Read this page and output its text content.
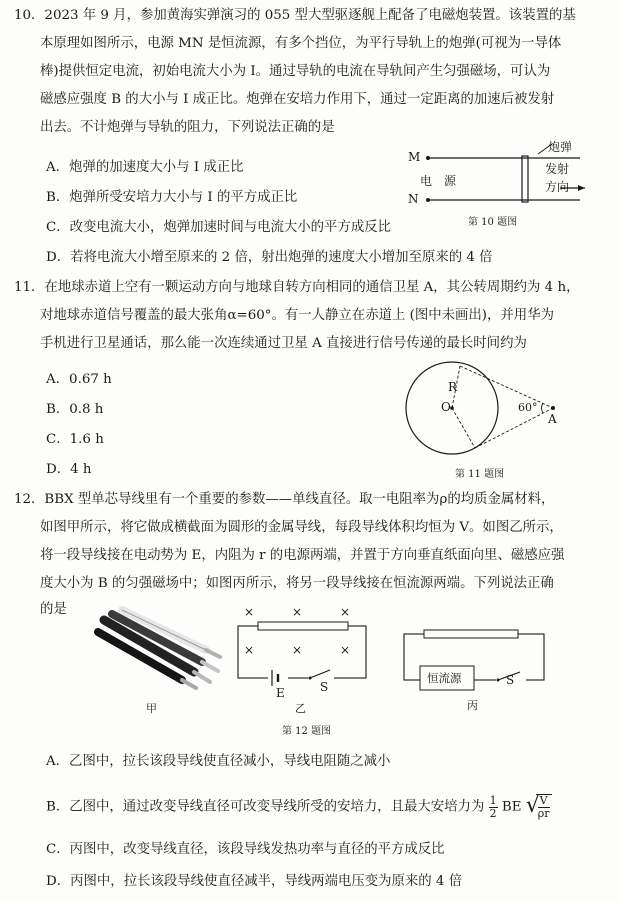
10．2023 年 9 月，参加黄海实弹演习的 055 型大型驱逐舰上配备了电磁炮装置。该装置的基
本原理如图所示，电源 MN 是恒流源，有多个挡位，为平行导轨上的炮弹(可视为一导体
棒)提供恒定电流，初始电流大小为 I。通过导轨的电流在导轨间产生匀强磁场，可认为
磁感应强度 B 的大小与 I 成正比。炮弹在安培力作用下，通过一定距离的加速后被发射
出去。不计炮弹与导轨的阻力，下列说法正确的是
A．炮弹的加速度大小与 I 成正比
B．炮弹所受安培力大小与 I 的平方成正比
C．改变电流大小，炮弹加速时间与电流大小的平方成反比
D．若将电流大小增至原来的 2 倍，射出炮弹的速度大小增加至原来的 4 倍
M
N
电　源
炮弹
发射
方向
第 10 题图
11．在地球赤道上空有一颗运动方向与地球自转方向相同的通信卫星 A，其公转周期约为 4 h，
对地球赤道信号覆盖的最大张角α=60°。有一人静立在赤道上 (图中未画出)，并用华为
手机进行卫星通话，那么能一次连续通过卫星 A 直接进行信号传递的最长时间约为
A．0.67 h
B．0.8 h
C．1.6 h
D．4 h
R
O	60°
A
第 11 题图
12．BBX 型单芯导线里有一个重要的参数——单线直径。取一电阻率为ρ的均质金属材料，
如图甲所示，将它做成横截面为圆形的金属导线，每段导线体积均恒为 V。如图乙所示，
将一段导线接在电动势为 E，内阻为 r 的电源两端，并置于方向垂直纸面向里、磁感应强
度大小为 B 的匀强磁场中；如图丙所示，将另一段导线接在恒流源两端。下列说法正确
的是	×	×	×
×	×	×
E	S
恒流源	S
甲	乙	丙
第 12 题图
A．乙图中，拉长该段导线使直径减小，导线电阻随之减小
B．乙图中，通过改变导线直径可改变导线所受的安培力，且最大安培力为 $\frac{1}{2}$ BE √
$\frac{V}{\rho r}$
C．丙图中，改变导线直径，该段导线发热功率与直径的平方成反比
D．丙图中，拉长该段导线使直径减半，导线两端电压变为原来的 4 倍
